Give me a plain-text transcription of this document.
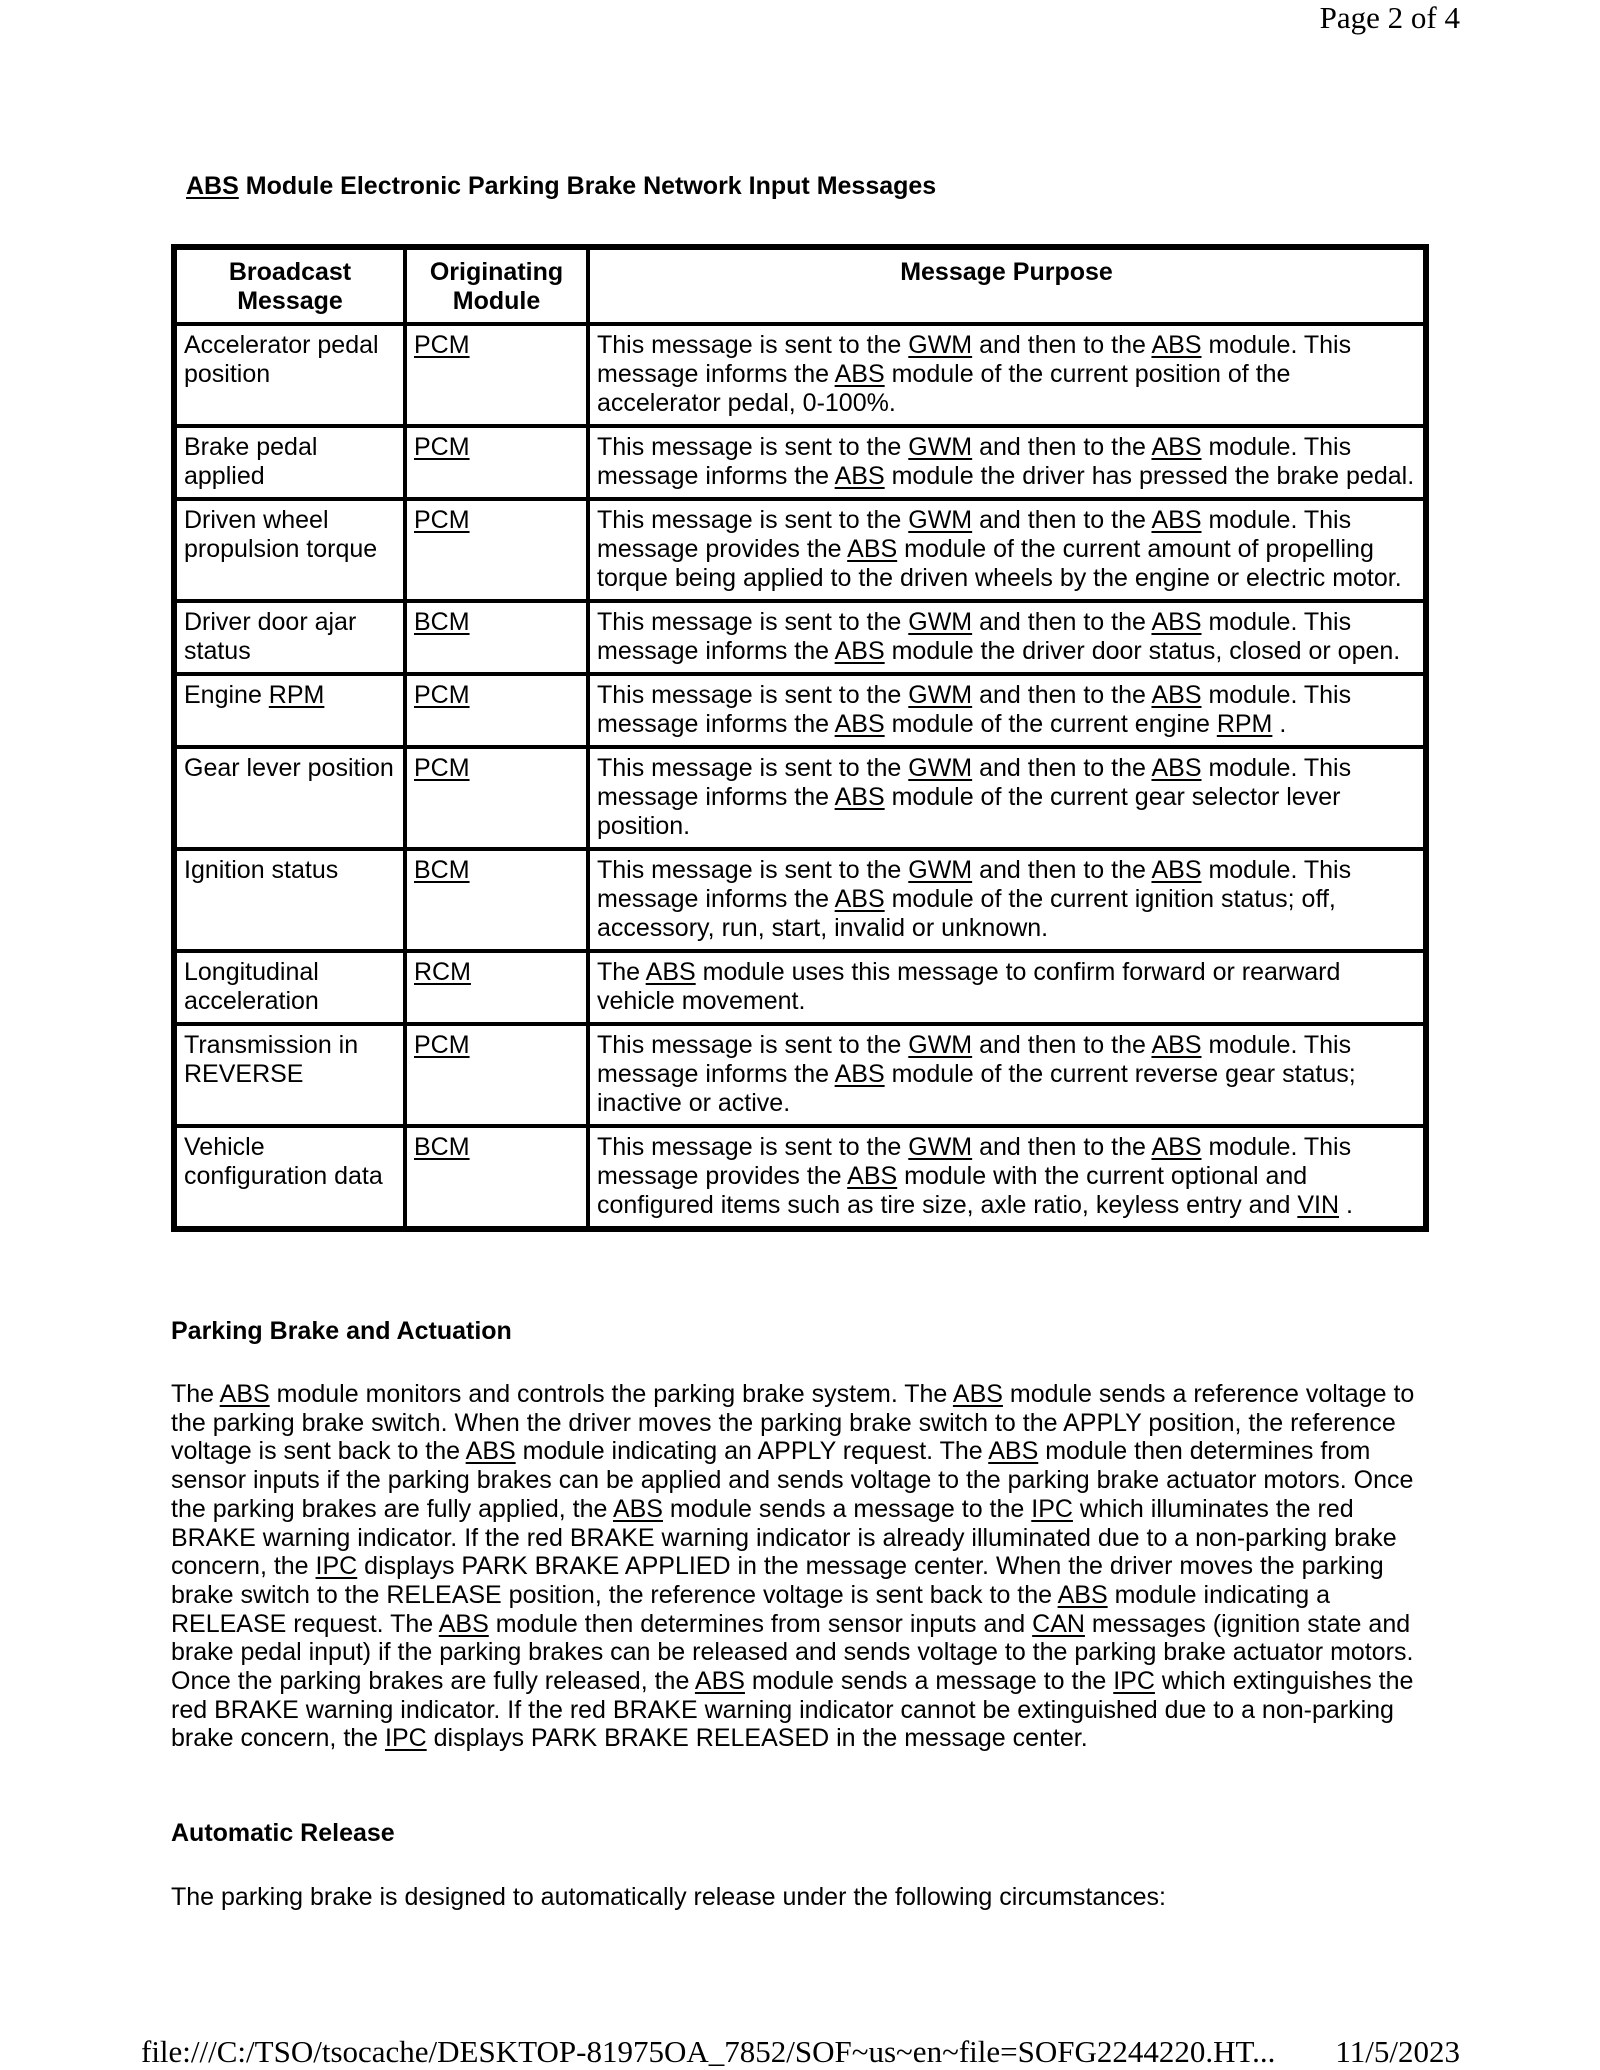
Page 2 of 4
ABS Module Electronic Parking Brake Network Input Messages
Broadcast Message	Originating Module	Message Purpose
Accelerator pedal position	PCM	This message is sent to the GWM and then to the ABS module. This message informs the ABS module of the current position of the accelerator pedal, 0-100%.
Brake pedal applied	PCM	This message is sent to the GWM and then to the ABS module. This message informs the ABS module the driver has pressed the brake pedal.
Driven wheel propulsion torque	PCM	This message is sent to the GWM and then to the ABS module. This message provides the ABS module of the current amount of propelling torque being applied to the driven wheels by the engine or electric motor.
Driver door ajar status	BCM	This message is sent to the GWM and then to the ABS module. This message informs the ABS module the driver door status, closed or open.
Engine RPM	PCM	This message is sent to the GWM and then to the ABS module. This message informs the ABS module of the current engine RPM .
Gear lever position	PCM	This message is sent to the GWM and then to the ABS module. This message informs the ABS module of the current gear selector lever position.
Ignition status	BCM	This message is sent to the GWM and then to the ABS module. This message informs the ABS module of the current ignition status; off, accessory, run, start, invalid or unknown.
Longitudinal acceleration	RCM	The ABS module uses this message to confirm forward or rearward vehicle movement.
Transmission in REVERSE	PCM	This message is sent to the GWM and then to the ABS module. This message informs the ABS module of the current reverse gear status; inactive or active.
Vehicle configuration data	BCM	This message is sent to the GWM and then to the ABS module. This message provides the ABS module with the current optional and configured items such as tire size, axle ratio, keyless entry and VIN .
Parking Brake and Actuation

The ABS module monitors and controls the parking brake system. The ABS module sends a reference voltage to the parking brake switch. When the driver moves the parking brake switch to the APPLY position, the reference voltage is sent back to the ABS module indicating an APPLY request. The ABS module then determines from sensor inputs if the parking brakes can be applied and sends voltage to the parking brake actuator motors. Once the parking brakes are fully applied, the ABS module sends a message to the IPC which illuminates the red BRAKE warning indicator. If the red BRAKE warning indicator is already illuminated due to a non-parking brake concern, the IPC displays PARK BRAKE APPLIED in the message center. When the driver moves the parking brake switch to the RELEASE position, the reference voltage is sent back to the ABS module indicating a RELEASE request. The ABS module then determines from sensor inputs and CAN messages (ignition state and brake pedal input) if the parking brakes can be released and sends voltage to the parking brake actuator motors. Once the parking brakes are fully released, the ABS module sends a message to the IPC which extinguishes the red BRAKE warning indicator. If the red BRAKE warning indicator cannot be extinguished due to a non-parking brake concern, the IPC displays PARK BRAKE RELEASED in the message center.

Automatic Release

The parking brake is designed to automatically release under the following circumstances:

file:///C:/TSO/tsocache/DESKTOP-81975OA_7852/SOF~us~en~file=SOFG2244220.HT... 11/5/2023
